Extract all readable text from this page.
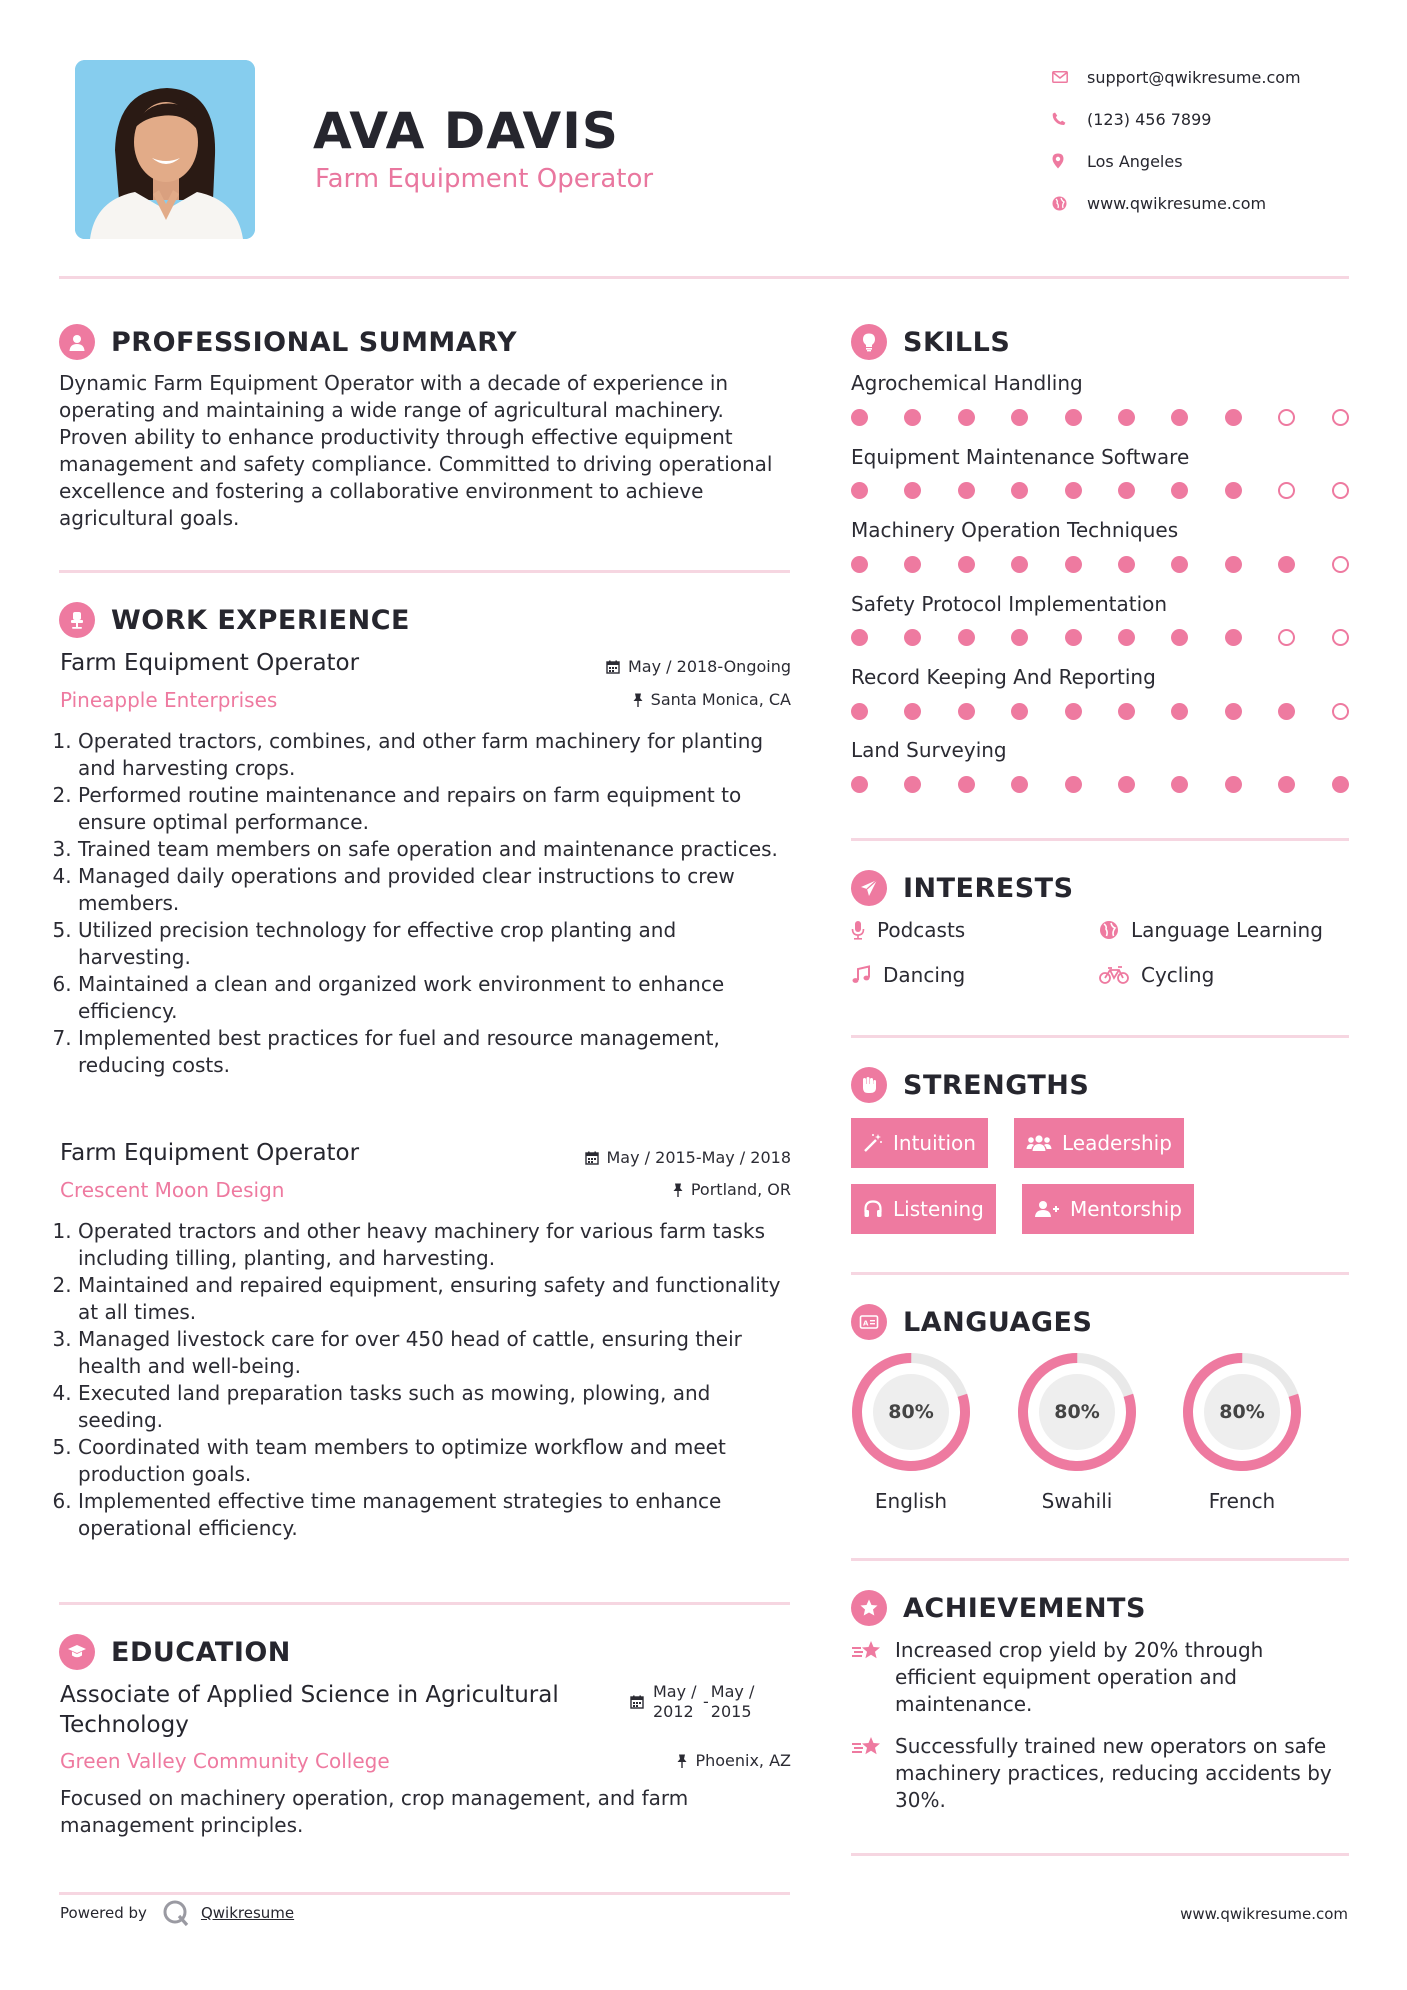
AVA DAVIS
Farm Equipment Operator
support@qwikresume.com
(123) 456 7899
Los Angeles
www.qwikresume.com
PROFESSIONAL SUMMARY
Dynamic Farm Equipment Operator with a decade of experience in operating and maintaining a wide range of agricultural machinery. Proven ability to enhance productivity through effective equipment management and safety compliance. Committed to driving operational excellence and fostering a collaborative environment to achieve agricultural goals.
WORK EXPERIENCE
Farm Equipment Operator	May / 2018-Ongoing
Pineapple Enterprises	Santa Monica, CA
1. Operated tractors, combines, and other farm machinery for planting and harvesting crops.
2. Performed routine maintenance and repairs on farm equipment to ensure optimal performance.
3. Trained team members on safe operation and maintenance practices.
4. Managed daily operations and provided clear instructions to crew members.
5. Utilized precision technology for effective crop planting and harvesting.
6. Maintained a clean and organized work environment to enhance efficiency.
7. Implemented best practices for fuel and resource management, reducing costs.
Farm Equipment Operator	May / 2015-May / 2018
Crescent Moon Design	Portland, OR
1. Operated tractors and other heavy machinery for various farm tasks including tilling, planting, and harvesting.
2. Maintained and repaired equipment, ensuring safety and functionality at all times.
3. Managed livestock care for over 450 head of cattle, ensuring their health and well-being.
4. Executed land preparation tasks such as mowing, plowing, and seeding.
5. Coordinated with team members to optimize workflow and meet production goals.
6. Implemented effective time management strategies to enhance operational efficiency.
EDUCATION
Associate of Applied Science in Agricultural Technology
May / 2012
-
May / 2015
Green Valley Community College	Phoenix, AZ
Focused on machinery operation, crop management, and farm management principles.
SKILLS
Agrochemical Handling
Equipment Maintenance Software
Machinery Operation Techniques
Safety Protocol Implementation
Record Keeping And Reporting
Land Surveying
INTERESTS
Podcasts	Language Learning
Dancing	Cycling
STRENGTHS
Intuition	Leadership
Listening	Mentorship
A LANGUAGES
80%
English
80%
Swahili
80%
French
ACHIEVEMENTS
Increased crop yield by 20% through efficient equipment operation and maintenance.
Successfully trained new operators on safe machinery practices, reducing accidents by 30%.
Powered by	Qwikresume	www.qwikresume.com
